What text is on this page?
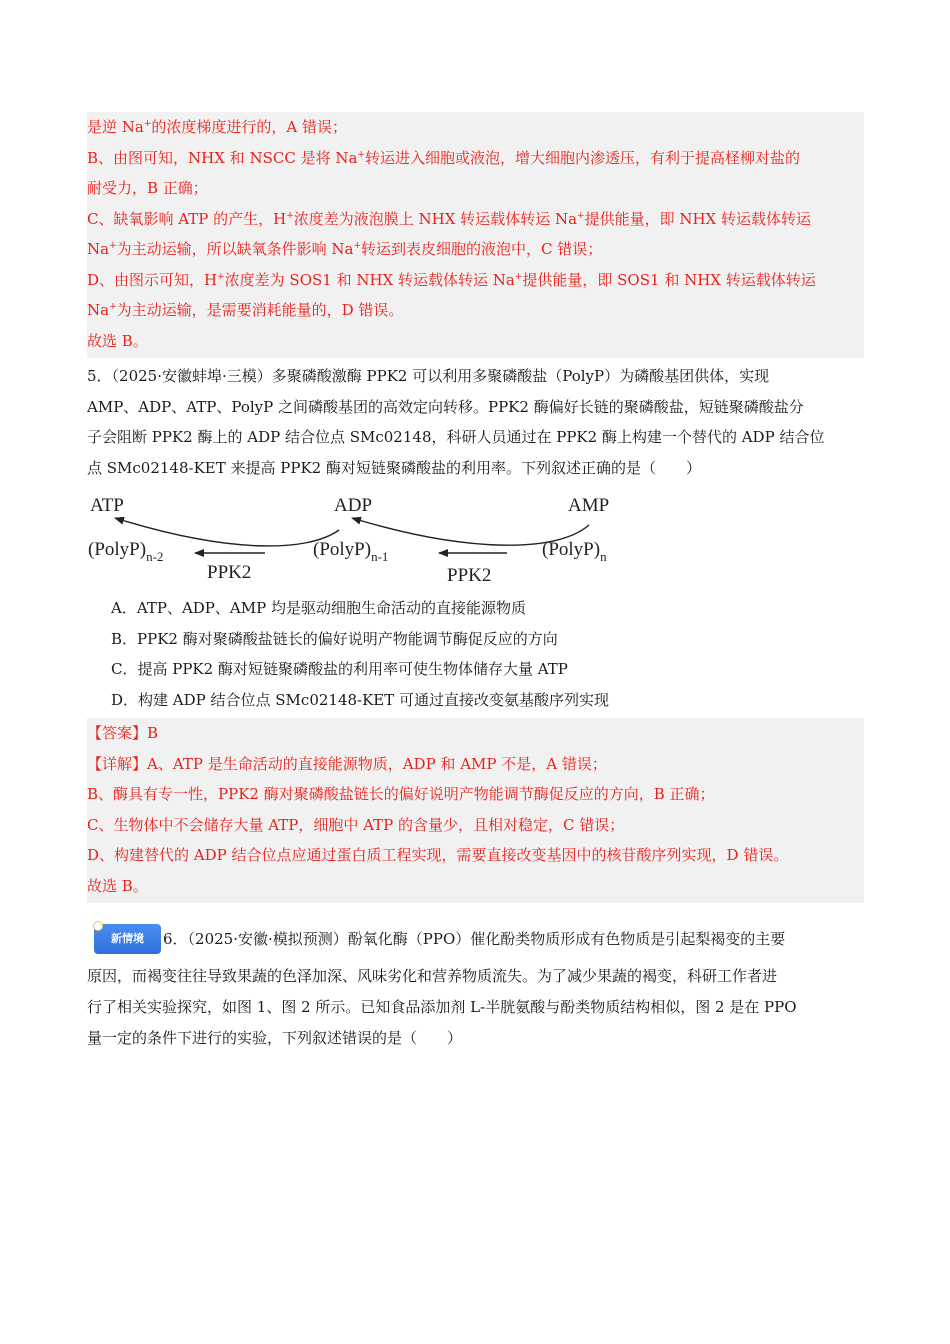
是逆 Na+的浓度梯度进行的，A 错误；
B、由图可知，NHX 和 NSCC 是将 Na+转运进入细胞或液泡，增大细胞内渗透压，有利于提高柽柳对盐的
耐受力，B 正确；
C、缺氧影响 ATP 的产生，H+浓度差为液泡膜上 NHX 转运载体转运 Na+提供能量，即 NHX 转运载体转运
Na+为主动运输，所以缺氧条件影响 Na+转运到表皮细胞的液泡中，C 错误；
D、由图示可知，H+浓度差为 SOS1 和 NHX 转运载体转运 Na+提供能量，即 SOS1 和 NHX 转运载体转运
Na+为主动运输，是需要消耗能量的，D 错误。
故选 B。
5．（2025·安徽蚌埠·三模）多聚磷酸激酶 PPK2 可以利用多聚磷酸盐（PolyP）为磷酸基团供体，实现
AMP、ADP、ATP、PolyP 之间磷酸基团的高效定向转移。PPK2 酶偏好长链的聚磷酸盐，短链聚磷酸盐分
子会阻断 PPK2 酶上的 ADP 结合位点 SMc02148，科研人员通过在 PPK2 酶上构建一个替代的 ADP 结合位
点 SMc02148-KET 来提高 PPK2 酶对短链聚磷酸盐的利用率。下列叙述正确的是（　　）
ATP	ADP	AMP
$(PolyP)_{n-2}$	$(PolyP)_{n-1}$	$(PolyP)_n$
PPK2	PPK2
A．ATP、ADP、AMP 均是驱动细胞生命活动的直接能源物质
B．PPK2 酶对聚磷酸盐链长的偏好说明产物能调节酶促反应的方向
C．提高 PPK2 酶对短链聚磷酸盐的利用率可使生物体储存大量 ATP
D．构建 ADP 结合位点 SMc02148-KET 可通过直接改变氨基酸序列实现
【答案】B
【详解】A、ATP 是生命活动的直接能源物质，ADP 和 AMP 不是，A 错误；
B、酶具有专一性，PPK2 酶对聚磷酸盐链长的偏好说明产物能调节酶促反应的方向，B 正确；
C、生物体中不会储存大量 ATP，细胞中 ATP 的含量少，且相对稳定，C 错误；
D、构建替代的 ADP 结合位点应通过蛋白质工程实现，需要直接改变基因中的核苷酸序列实现，D 错误。
故选 B。
新情境	6．（2025·安徽·模拟预测）酚氧化酶（PPO）催化酚类物质形成有色物质是引起梨褐变的主要
原因，而褐变往往导致果蔬的色泽加深、风味劣化和营养物质流失。为了减少果蔬的褐变，科研工作者进
行了相关实验探究，如图 1、图 2 所示。已知食品添加剂 L-半胱氨酸与酚类物质结构相似，图 2 是在 PPO
量一定的条件下进行的实验，下列叙述错误的是（　　）
